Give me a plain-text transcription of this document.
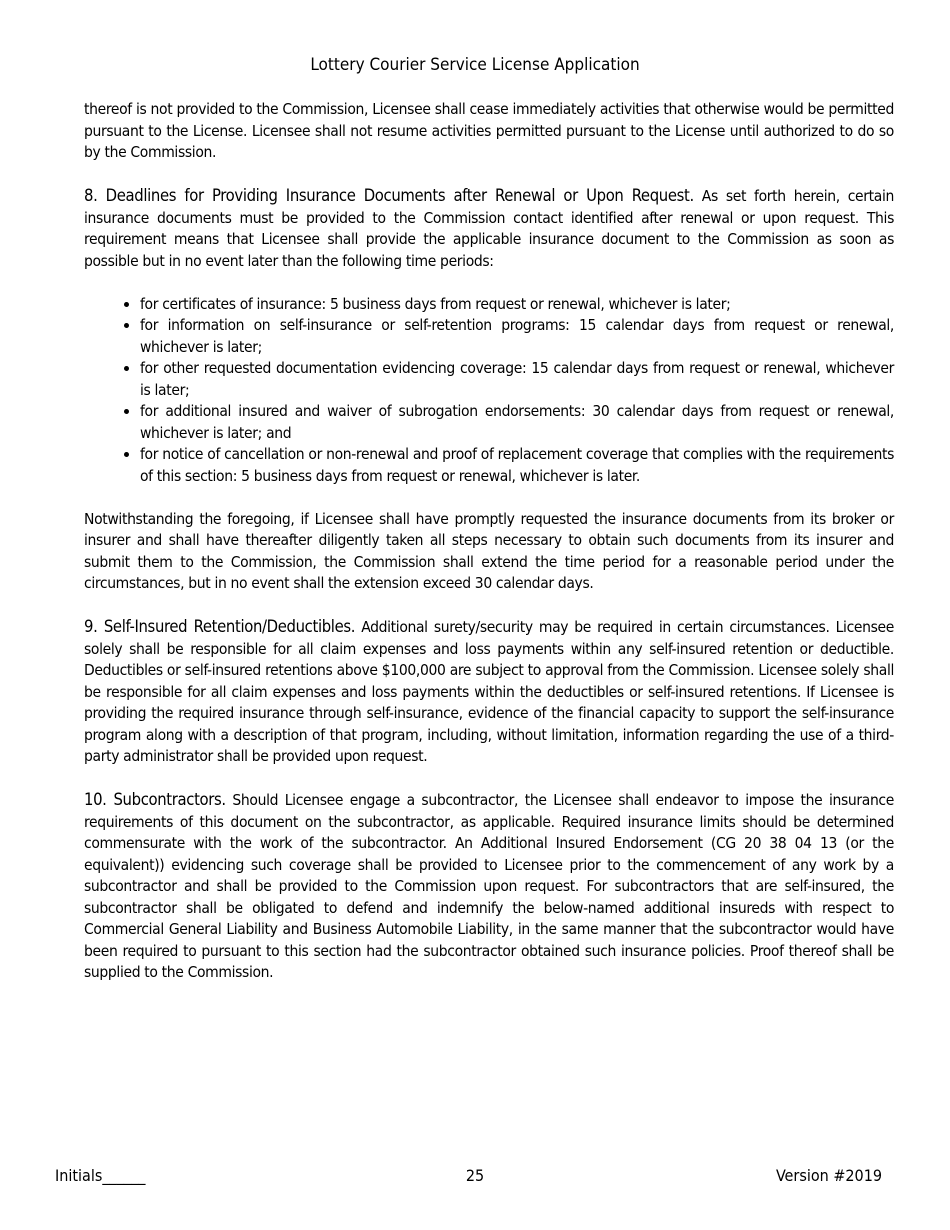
Lottery Courier Service License Application

thereof is not provided to the Commission, Licensee shall cease immediately activities that otherwise would be permitted pursuant to the License. Licensee shall not resume activities permitted pursuant to the License until authorized to do so by the Commission.

8. Deadlines for Providing Insurance Documents after Renewal or Upon Request. As set forth herein, certain insurance documents must be provided to the Commission contact identified after renewal or upon request. This requirement means that Licensee shall provide the applicable insurance document to the Commission as soon as possible but in no event later than the following time periods:

• for certificates of insurance: 5 business days from request or renewal, whichever is later;
• for information on self-insurance or self-retention programs: 15 calendar days from request or renewal, whichever is later;
• for other requested documentation evidencing coverage: 15 calendar days from request or renewal, whichever is later;
• for additional insured and waiver of subrogation endorsements: 30 calendar days from request or renewal, whichever is later; and
• for notice of cancellation or non-renewal and proof of replacement coverage that complies with the requirements of this section: 5 business days from request or renewal, whichever is later.

Notwithstanding the foregoing, if Licensee shall have promptly requested the insurance documents from its broker or insurer and shall have thereafter diligently taken all steps necessary to obtain such documents from its insurer and submit them to the Commission, the Commission shall extend the time period for a reasonable period under the circumstances, but in no event shall the extension exceed 30 calendar days.

9. Self-Insured Retention/Deductibles. Additional surety/security may be required in certain circumstances. Licensee solely shall be responsible for all claim expenses and loss payments within any self-insured retention or deductible. Deductibles or self-insured retentions above $100,000 are subject to approval from the Commission. Licensee solely shall be responsible for all claim expenses and loss payments within the deductibles or self-insured retentions. If Licensee is providing the required insurance through self-insurance, evidence of the financial capacity to support the self-insurance program along with a description of that program, including, without limitation, information regarding the use of a third-party administrator shall be provided upon request.

10. Subcontractors. Should Licensee engage a subcontractor, the Licensee shall endeavor to impose the insurance requirements of this document on the subcontractor, as applicable. Required insurance limits should be determined commensurate with the work of the subcontractor. An Additional Insured Endorsement (CG 20 38 04 13 (or the equivalent)) evidencing such coverage shall be provided to Licensee prior to the commencement of any work by a subcontractor and shall be provided to the Commission upon request. For subcontractors that are self-insured, the subcontractor shall be obligated to defend and indemnify the below-named additional insureds with respect to Commercial General Liability and Business Automobile Liability, in the same manner that the subcontractor would have been required to pursuant to this section had the subcontractor obtained such insurance policies. Proof thereof shall be supplied to the Commission.

Initials______	25	Version #2019
